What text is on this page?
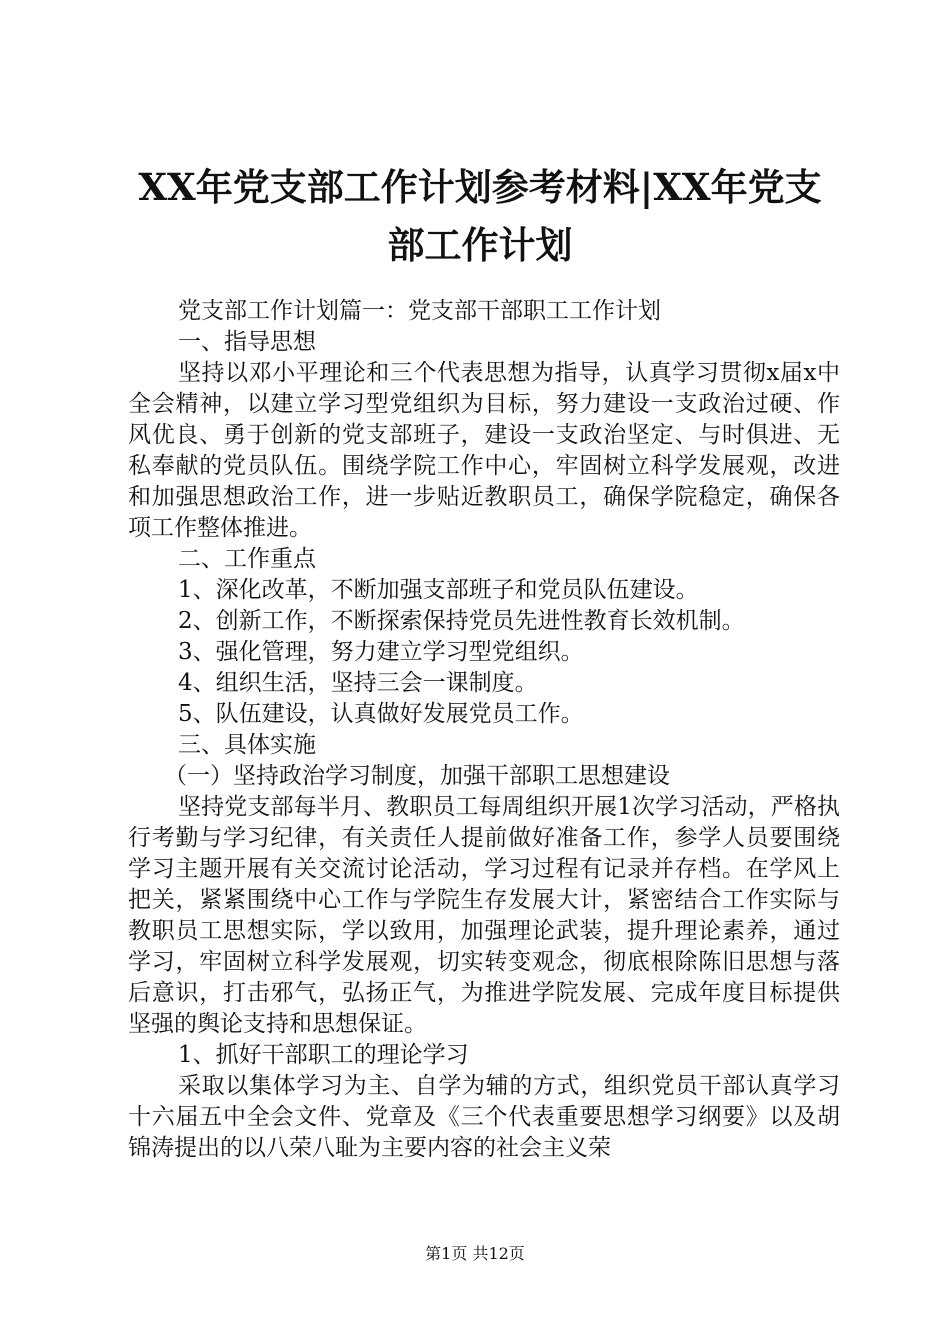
XX年党支部工作计划参考材料|XX年党支部工作计划

党支部工作计划篇一：党支部干部职工工作计划

一、指导思想

坚持以邓小平理论和三个代表思想为指导，认真学习贯彻x届x中全会精神，以建立学习型党组织为目标，努力建设一支政治过硬、作风优良、勇于创新的党支部班子，建设一支政治坚定、与时俱进、无私奉献的党员队伍。围绕学院工作中心，牢固树立科学发展观，改进和加强思想政治工作，进一步贴近教职员工，确保学院稳定，确保各项工作整体推进。

二、工作重点

1、深化改革，不断加强支部班子和党员队伍建设。

2、创新工作，不断探索保持党员先进性教育长效机制。

3、强化管理，努力建立学习型党组织。

4、组织生活，坚持三会一课制度。

5、队伍建设，认真做好发展党员工作。

三、具体实施

（一）坚持政治学习制度，加强干部职工思想建设

坚持党支部每半月、教职员工每周组织开展1次学习活动，严格执行考勤与学习纪律，有关责任人提前做好准备工作，参学人员要围绕学习主题开展有关交流讨论活动，学习过程有记录并存档。在学风上把关，紧紧围绕中心工作与学院生存发展大计，紧密结合工作实际与教职员工思想实际，学以致用，加强理论武装，提升理论素养，通过学习，牢固树立科学发展观，切实转变观念，彻底根除陈旧思想与落后意识，打击邪气，弘扬正气，为推进学院发展、完成年度目标提供坚强的舆论支持和思想保证。

1、抓好干部职工的理论学习

采取以集体学习为主、自学为辅的方式，组织党员干部认真学习十六届五中全会文件、党章及《三个代表重要思想学习纲要》以及胡锦涛提出的以八荣八耻为主要内容的社会主义荣

第1页 共12页
